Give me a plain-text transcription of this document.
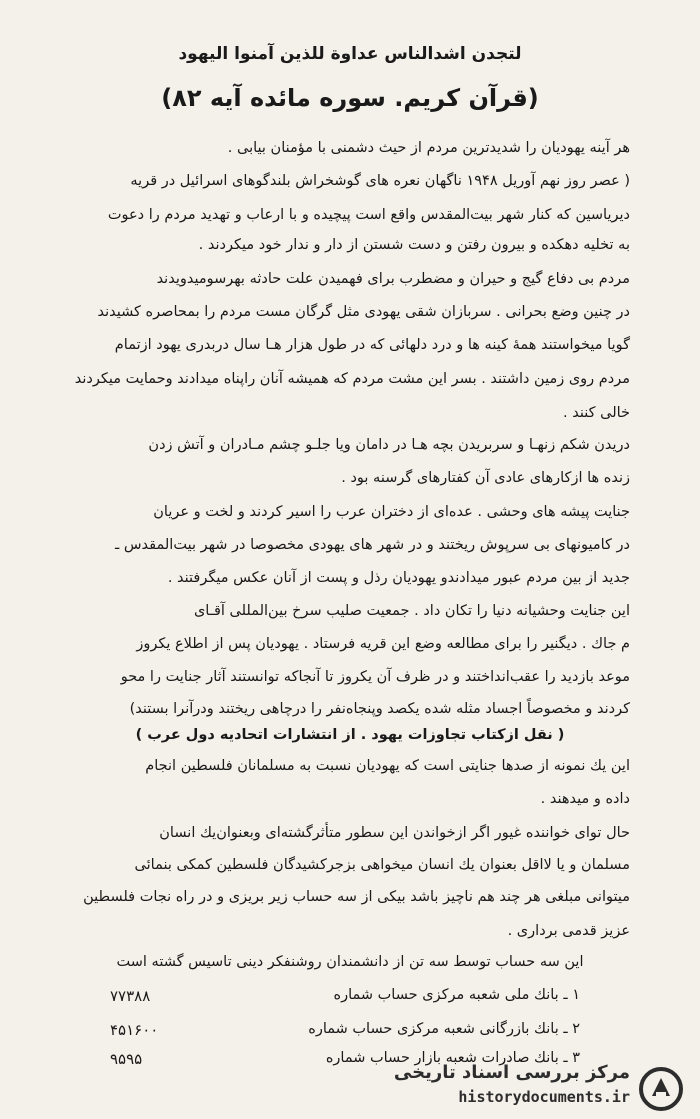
لتجدن اشدالناس عداوة للذین آمنوا الیهود
(قرآن کریم. سوره مائده آیه ۸۲)
هر آینه یهودیان را شدیدترین مردم از حیث دشمنی با مؤمنان بیابی .
( عصر روز نهم آوریل ۱۹۴۸ ناگهان نعره های گوشخراش بلندگوهای اسرائیل در قریه
دیریاسین که کنار شهر بیت‌المقدس واقع است پیچیده و با ارعاب و تهدید مردم را دعوت
به تخلیه دهکده و بیرون رفتن و دست شستن از دار و ندار خود میکردند .
مردم بی دفاع گیج و حیران و مضطرب برای فهمیدن علت حادثه بهرسومیدویدند
در چنین وضع بحرانی . سربازان شقی یهودی مثل گرگان مست مردم را بمحاصره کشیدند
گویا میخواستند همهٔ کینه ها و درد دلهائی که در طول هزار هـا سال دربدری یهود ازتمام
مردم روی زمین داشتند . بسر این مشت مردم که همیشه آنان راپناه میدادند وحمایت میکردند
خالی کنند .
دریدن شکم زنهـا و سربریدن بچه هـا در دامان ویا جلـو چشم مـادران و آتش زدن
زنده ها ازکارهای عادی آن کفتارهای گرسنه بود .
جنایت پیشه های وحشی . عده‌ای از دختران عرب را اسیر کردند و لخت و عریان
در کامیونهای بی سرپوش ریختند و در شهر های یهودی مخصوصا در شهر بیت‌المقدس ـ
جدید از بین مردم عبور میدادندو یهودیان رذل و پست از آنان عکس میگرفتند .
این جنایت وحشیانه دنیا را تکان داد . جمعیت صلیب سرخ بین‌المللی آقـای
م جاك . دیگنیر را برای مطالعه وضع این قریه فرستاد . یهودیان پس از اطلاع یکروز
موعد بازدید را عقب‌انداختند و در ظرف آن یکروز تا آنجاکه توانستند آثار جنایت را محو
کردند و مخصوصاً اجساد مثله شده یکصد وپنجاه‌نفر را درچاهی ریختند ودرآنرا بستند)
( نقل ازکتاب تجاوزات یهود . از انتشارات اتحادیه دول عرب )
این یك نمونه از صدها جنایتی است که یهودیان نسبت به مسلمانان فلسطین انجام
داده و میدهند .
حال توای خواننده غیور اگر ازخواندن این سطور متأثرگشته‌ای وبعنوان‌یك انسان
مسلمان و یا لااقل بعنوان یك انسان میخواهی بزجرکشیدگان فلسطین کمکی بنمائی
میتوانی مبلغی هر چند هم ناچیز باشد بیکی از سه حساب زیر بریزی و در راه نجات فلسطین
عزیز قدمی برداری .
این سه حساب توسط سه تن از دانشمندان روشنفکر دینی تاسیس گشته است
۱ ـ بانك ملی شعبه مرکزی حساب شماره
۷۷۳۸۸
۲ ـ بانك بازرگانی شعبه مرکزی حساب شماره
۴۵۱۶۰۰
۳ ـ بانك صادرات شعبه بازار حساب شماره
۹۵۹۵
مرکز بررسی اسناد تاریخی
historydocuments.ir
